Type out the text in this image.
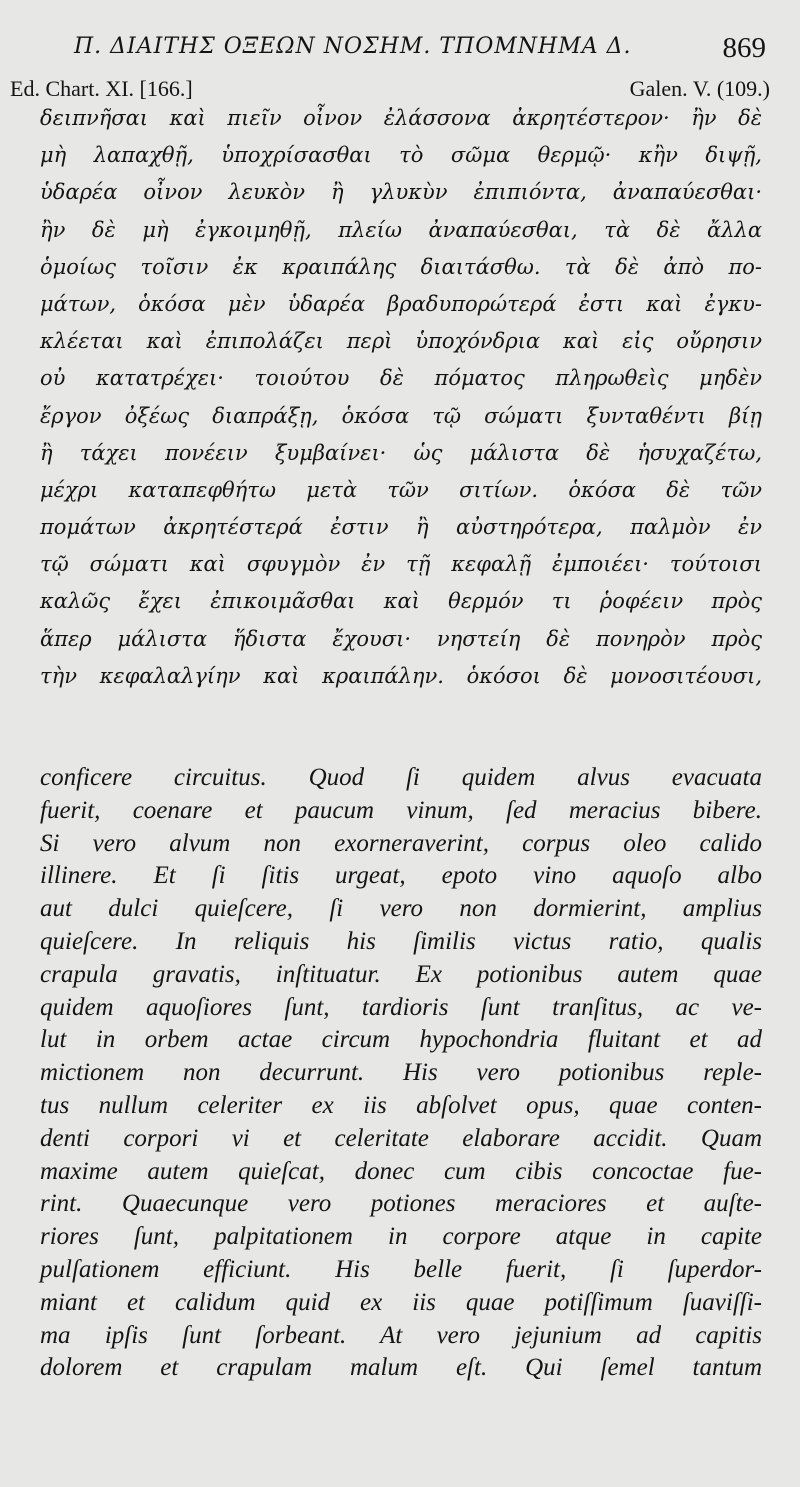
Π. ΔΙΑΙΤΗΣ ΟΞΕΩΝ ΝΟΣΗΜ. ΤΠΟΜΝΗΜΑ Δ.	869
Ed. Chart. XI. [166.]	Galen. V. (109.)
δειπνῆσαι καὶ πιεῖν οἶνον ἐλάσσονα ἀκρητέστερον· ἢν δὲ
μὴ λαπαχθῇ, ὑποχρίσασθαι τὸ σῶμα θερμῷ· κἢν διψῇ,
ὑδαρέα οἶνον λευκὸν ἢ γλυκὺν ἐπιπιόντα, ἀναπαύεσθαι·
ἢν δὲ μὴ ἐγκοιμηθῇ, πλείω ἀναπαύεσθαι, τὰ δὲ ἄλλα
ὁμοίως τοῖσιν ἐκ κραιπάλης διαιτάσθω. τὰ δὲ ἀπὸ πο-
μάτων, ὁκόσα μὲν ὑδαρέα βραδυπορώτερά ἐστι καὶ ἐγκυ-
κλέεται καὶ ἐπιπολάζει περὶ ὑποχόνδρια καὶ εἰς οὔρησιν
οὐ κατατρέχει· τοιούτου δὲ πόματος πληρωθεὶς μηδὲν
ἔργον ὀξέως διαπράξῃ, ὁκόσα τῷ σώματι ξυνταθέντι βίῃ
ἢ τάχει πονέειν ξυμβαίνει· ὡς μάλιστα δὲ ἡσυχαζέτω,
μέχρι καταπεφθήτω μετὰ τῶν σιτίων. ὁκόσα δὲ τῶν
πομάτων ἀκρητέστερά ἐστιν ἢ αὐστηρότερα, παλμὸν ἐν
τῷ σώματι καὶ σφυγμὸν ἐν τῇ κεφαλῇ ἐμποιέει· τούτοισι
καλῶς ἔχει ἐπικοιμᾶσθαι καὶ θερμόν τι ῥοφέειν πρὸς
ἅπερ μάλιστα ἥδιστα ἔχουσι· νηστείη δὲ πονηρὸν πρὸς
τὴν κεφαλαλγίην καὶ κραιπάλην. ὁκόσοι δὲ μονοσιτέουσι,
conficere circuitus. Quod ſi quidem alvus evacuata
fuerit, coenare et paucum vinum, ſed meracius bibere.
Si vero alvum non exorneraverint, corpus oleo calido
illinere. Et ſi ſitis urgeat, epoto vino aquoſo albo
aut dulci quieſcere, ſi vero non dormierint, amplius
quieſcere. In reliquis his ſimilis victus ratio, qualis
crapula gravatis, inſtituatur. Ex potionibus autem quae
quidem aquoſiores ſunt, tardioris ſunt tranſitus, ac ve-
lut in orbem actae circum hypochondria fluitant et ad
mictionem non decurrunt. His vero potionibus reple-
tus nullum celeriter ex iis abſolvet opus, quae conten-
denti corpori vi et celeritate elaborare accidit. Quam
maxime autem quieſcat, donec cum cibis concoctae fue-
rint. Quaecunque vero potiones meraciores et auſte-
riores ſunt, palpitationem in corpore atque in capite
pulſationem efficiunt. His belle fuerit, ſi ſuperdor-
miant et calidum quid ex iis quae potiſſimum ſuaviſſi-
ma ipſis ſunt ſorbeant. At vero jejunium ad capitis
dolorem et crapulam malum eſt. Qui ſemel tantum
